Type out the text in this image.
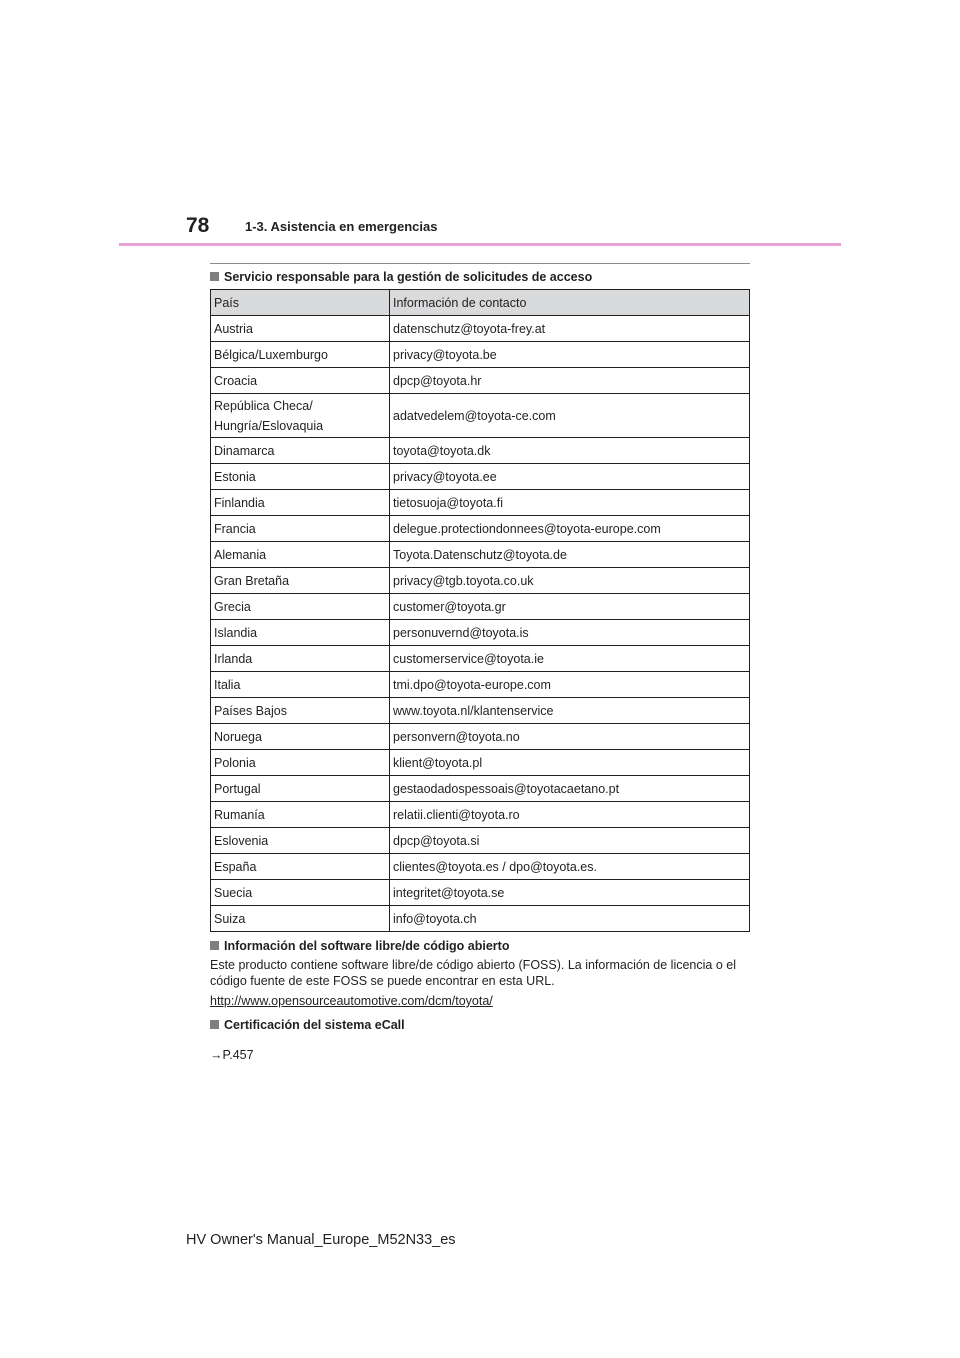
78	1-3. Asistencia en emergencias
Servicio responsable para la gestión de solicitudes de acceso
País	Información de contacto
Austria	datenschutz@toyota-frey.at
Bélgica/Luxemburgo	privacy@toyota.be
Croacia	dpcp@toyota.hr

República Checa/
Hungría/Eslovaquia	adatvedelem@toyota-ce.com
Dinamarca	toyota@toyota.dk
Estonia	privacy@toyota.ee
Finlandia	tietosuoja@toyota.fi
Francia	delegue.protectiondonnees@toyota-europe.com
Alemania	Toyota.Datenschutz@toyota.de
Gran Bretaña	privacy@tgb.toyota.co.uk
Grecia	customer@toyota.gr
Islandia	personuvernd@toyota.is
Irlanda	customerservice@toyota.ie
Italia	tmi.dpo@toyota-europe.com
Países Bajos	www.toyota.nl/klantenservice
Noruega	personvern@toyota.no
Polonia	klient@toyota.pl
Portugal	gestaodadospessoais@toyotacaetano.pt
Rumanía	relatii.clienti@toyota.ro
Eslovenia	dpcp@toyota.si
España	clientes@toyota.es / dpo@toyota.es.
Suecia	integritet@toyota.se
Suiza	info@toyota.ch
Información del software libre/de código abierto
Este producto contiene software libre/de código abierto (FOSS). La información de licencia o el código fuente de este FOSS se puede encontrar en esta URL.
http://www.opensourceautomotive.com/dcm/toyota/
Certificación del sistema eCall
→P.457
HV Owner's Manual_Europe_M52N33_es
